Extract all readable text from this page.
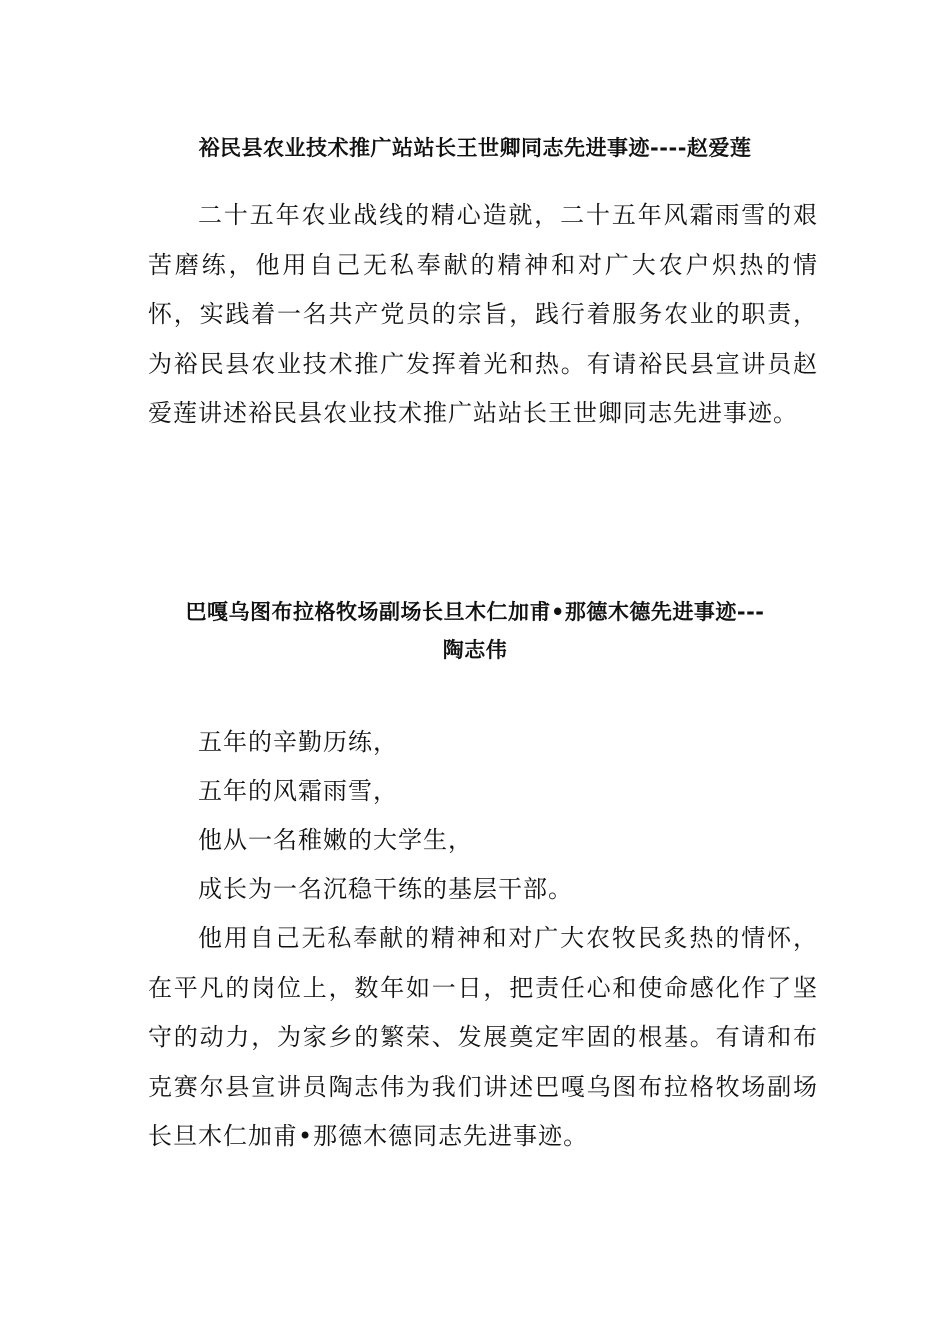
裕民县农业技术推广站站长王世卿同志先进事迹----赵爱莲

二十五年农业战线的精心造就，二十五年风霜雨雪的艰苦磨练，他用自己无私奉献的精神和对广大农户炽热的情怀，实践着一名共产党员的宗旨，践行着服务农业的职责，为裕民县农业技术推广发挥着光和热。有请裕民县宣讲员赵爱莲讲述裕民县农业技术推广站站长王世卿同志先进事迹。

巴嘎乌图布拉格牧场副场长旦木仁加甫•那德木德先进事迹---
陶志伟

五年的辛勤历练，

五年的风霜雨雪，

他从一名稚嫩的大学生，

成长为一名沉稳干练的基层干部。

他用自己无私奉献的精神和对广大农牧民炙热的情怀，在平凡的岗位上，数年如一日，把责任心和使命感化作了坚守的动力，为家乡的繁荣、发展奠定牢固的根基。有请和布克赛尔县宣讲员陶志伟为我们讲述巴嘎乌图布拉格牧场副场长旦木仁加甫•那德木德同志先进事迹。
